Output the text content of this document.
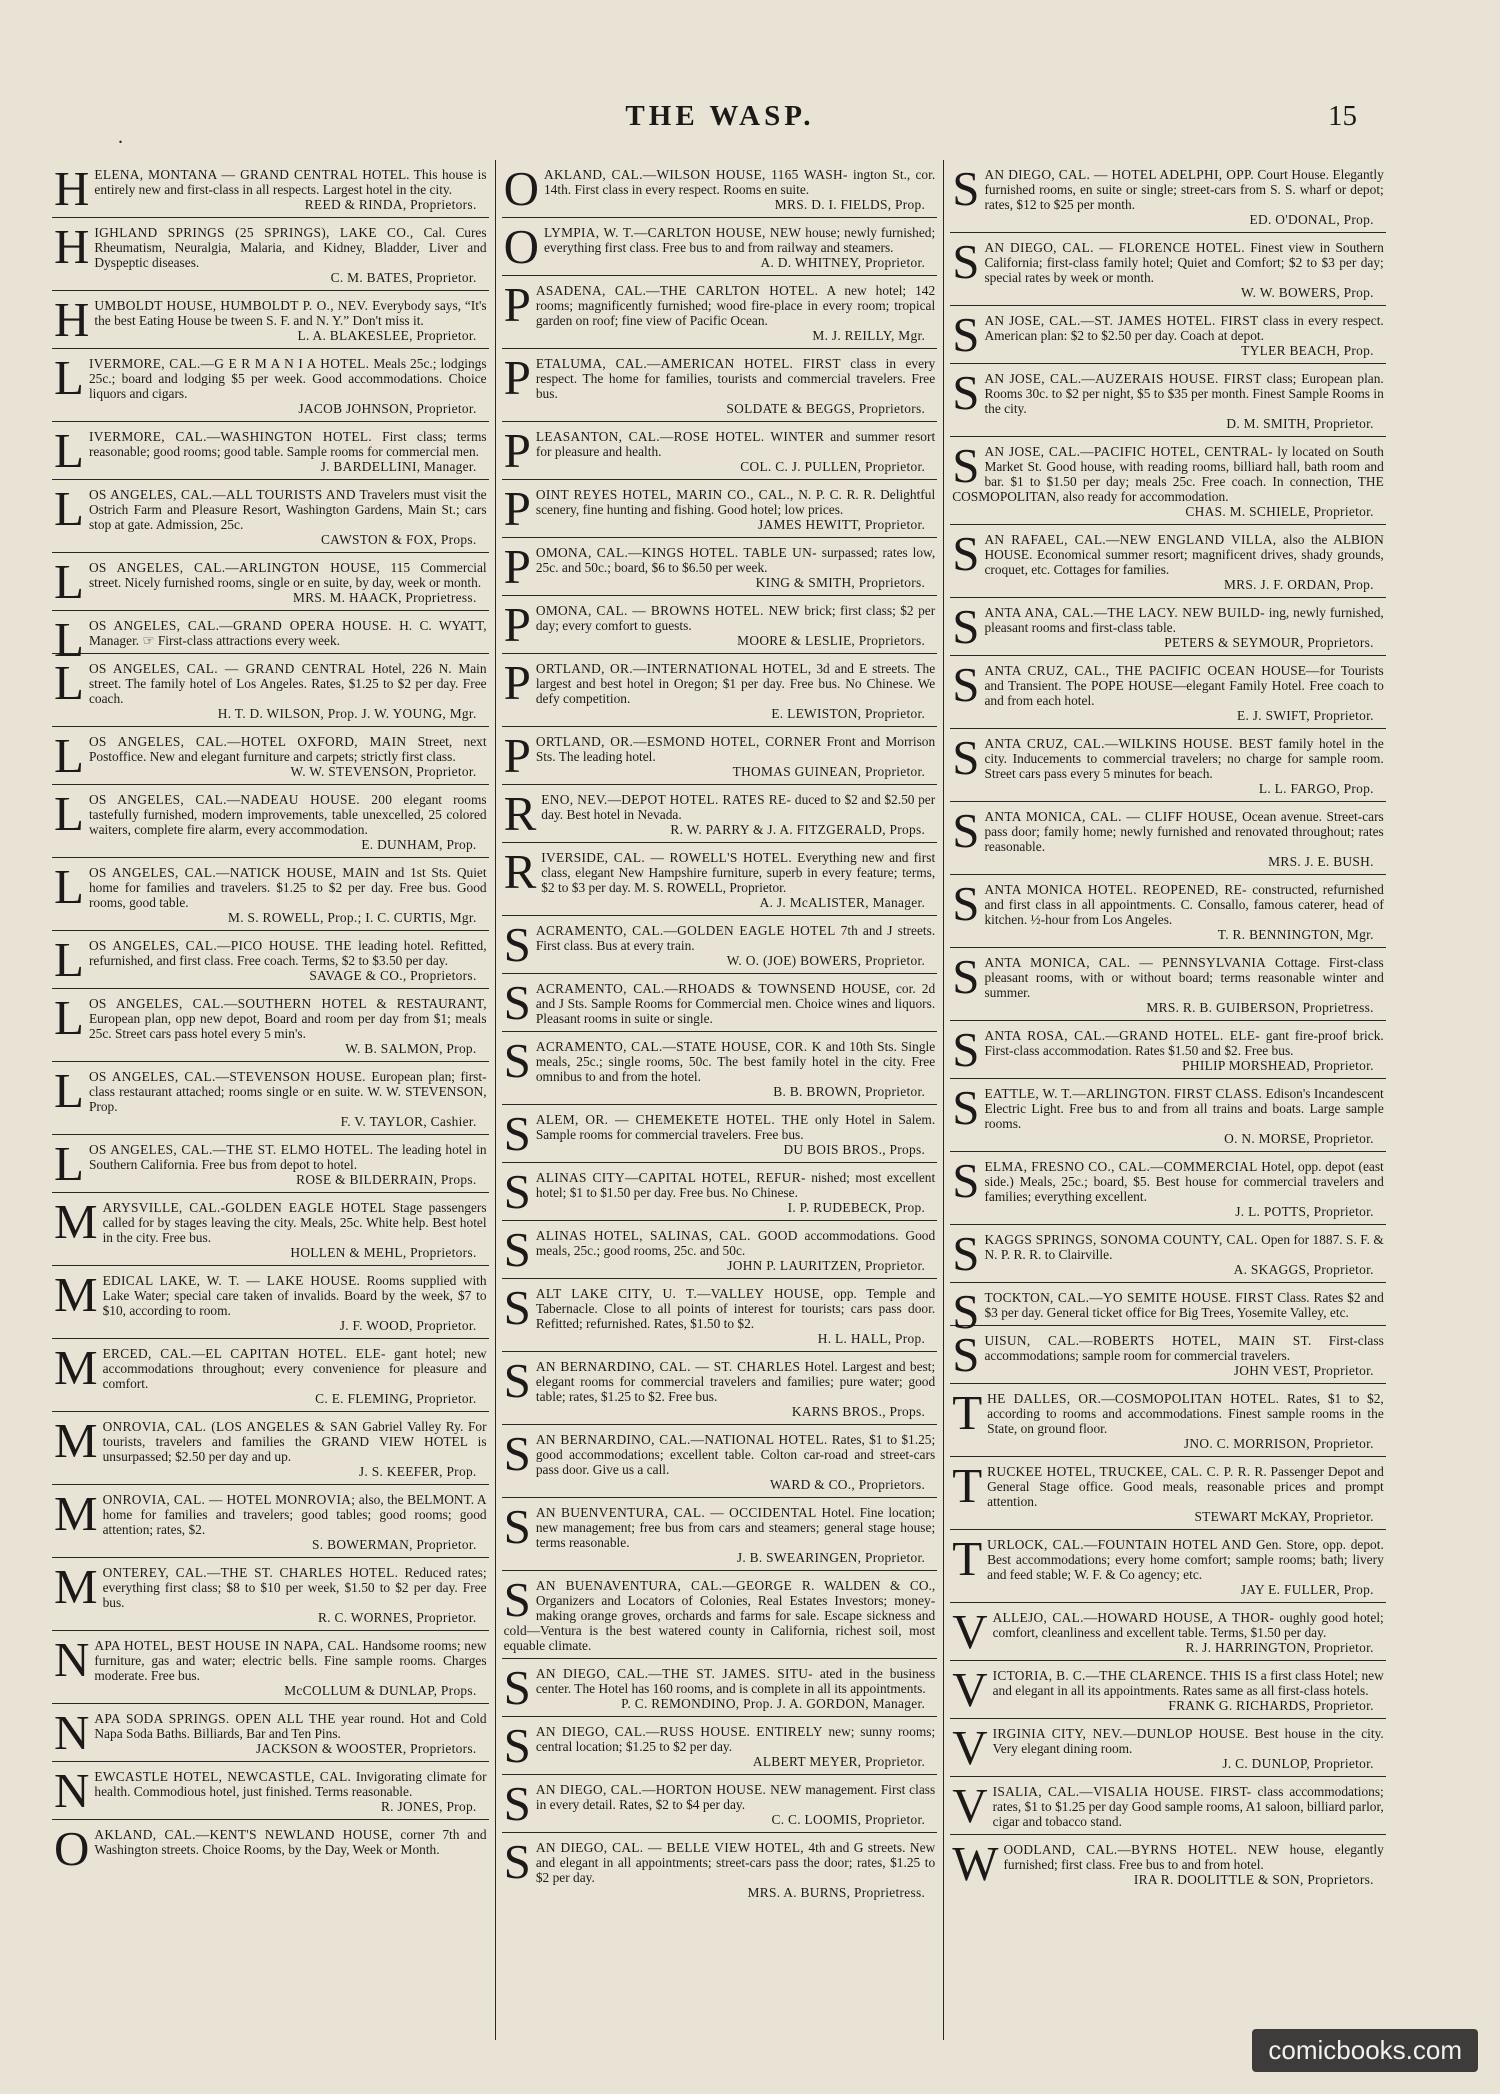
.
THE WASP.	15
HELENA, MONTANA — GRAND CENTRAL HOTEL. This house is entirely new and first-class in all respects. Largest hotel in the city.
REED & RINDA, Proprietors.
HIGHLAND SPRINGS (25 SPRINGS), LAKE CO., Cal. Cures Rheumatism, Neuralgia, Malaria, and Kidney, Bladder, Liver and Dyspeptic diseases.
C. M. BATES, Proprietor.
HUMBOLDT HOUSE, HUMBOLDT P. O., NEV. Everybody says, “It's the best Eating House be tween S. F. and N. Y.” Don't miss it.
L. A. BLAKESLEE, Proprietor.
LIVERMORE, CAL.—G E R M A N I A HOTEL. Meals 25c.; lodgings 25c.; board and lodging $5 per week. Good accommodations. Choice liquors and cigars.
JACOB JOHNSON, Proprietor.
LIVERMORE, CAL.—WASHINGTON HOTEL. First class; terms reasonable; good rooms; good table. Sample rooms for commercial men.
J. BARDELLINI, Manager.
LOS ANGELES, CAL.—ALL TOURISTS AND Travelers must visit the Ostrich Farm and Pleasure Resort, Washington Gardens, Main St.; cars stop at gate. Admission, 25c.
CAWSTON & FOX, Props.
LOS ANGELES, CAL.—ARLINGTON HOUSE, 115 Commercial street. Nicely furnished rooms, single or en suite, by day, week or month.
MRS. M. HAACK, Proprietress.
LOS ANGELES, CAL.—GRAND OPERA HOUSE. H. C. WYATT, Manager. ☞ First-class attractions every week.
LOS ANGELES, CAL. — GRAND CENTRAL Hotel, 226 N. Main street. The family hotel of Los Angeles. Rates, $1.25 to $2 per day. Free coach.
H. T. D. WILSON, Prop. J. W. YOUNG, Mgr.
LOS ANGELES, CAL.—HOTEL OXFORD, MAIN Street, next Postoffice. New and elegant furniture and carpets; strictly first class.
W. W. STEVENSON, Proprietor.
LOS ANGELES, CAL.—NADEAU HOUSE. 200 elegant rooms tastefully furnished, modern improvements, table unexcelled, 25 colored waiters, complete fire alarm, every accommodation.
E. DUNHAM, Prop.
LOS ANGELES, CAL.—NATICK HOUSE, MAIN and 1st Sts. Quiet home for families and travelers. $1.25 to $2 per day. Free bus. Good rooms, good table.
M. S. ROWELL, Prop.; I. C. CURTIS, Mgr.
LOS ANGELES, CAL.—PICO HOUSE. THE leading hotel. Refitted, refurnished, and first class. Free coach. Terms, $2 to $3.50 per day.
SAVAGE & CO., Proprietors.
LOS ANGELES, CAL.—SOUTHERN HOTEL & RESTAURANT, European plan, opp new depot, Board and room per day from $1; meals 25c. Street cars pass hotel every 5 min's.
W. B. SALMON, Prop.
LOS ANGELES, CAL.—STEVENSON HOUSE. European plan; first-class restaurant attached; rooms single or en suite. W. W. STEVENSON, Prop.
F. V. TAYLOR, Cashier.
LOS ANGELES, CAL.—THE ST. ELMO HOTEL. The leading hotel in Southern California. Free bus from depot to hotel.
ROSE & BILDERRAIN, Props.
MARYSVILLE, CAL.-GOLDEN EAGLE HOTEL Stage passengers called for by stages leaving the city. Meals, 25c. White help. Best hotel in the city. Free bus.
HOLLEN & MEHL, Proprietors.
MEDICAL LAKE, W. T. — LAKE HOUSE. Rooms supplied with Lake Water; special care taken of invalids. Board by the week, $7 to $10, according to room.
J. F. WOOD, Proprietor.
MERCED, CAL.—EL CAPITAN HOTEL. ELE- gant hotel; new accommodations throughout; every convenience for pleasure and comfort.
C. E. FLEMING, Proprietor.
MONROVIA, CAL. (LOS ANGELES & SAN Gabriel Valley Ry. For tourists, travelers and families the GRAND VIEW HOTEL is unsurpassed; $2.50 per day and up.
J. S. KEEFER, Prop.
MONROVIA, CAL. — HOTEL MONROVIA; also, the BELMONT. A home for families and travelers; good tables; good rooms; good attention; rates, $2.
S. BOWERMAN, Proprietor.
MONTEREY, CAL.—THE ST. CHARLES HOTEL. Reduced rates; everything first class; $8 to $10 per week, $1.50 to $2 per day. Free bus.
R. C. WORNES, Proprietor.
NAPA HOTEL, BEST HOUSE IN NAPA, CAL. Handsome rooms; new furniture, gas and water; electric bells. Fine sample rooms. Charges moderate. Free bus.
McCOLLUM & DUNLAP, Props.
NAPA SODA SPRINGS. OPEN ALL THE year round. Hot and Cold Napa Soda Baths. Billiards, Bar and Ten Pins.
JACKSON & WOOSTER, Proprietors.
NEWCASTLE HOTEL, NEWCASTLE, CAL. Invigorating climate for health. Commodious hotel, just finished. Terms reasonable.
R. JONES, Prop.
OAKLAND, CAL.—KENT'S NEWLAND HOUSE, corner 7th and Washington streets. Choice Rooms, by the Day, Week or Month.
OAKLAND, CAL.—WILSON HOUSE, 1165 WASH- ington St., cor. 14th. First class in every respect. Rooms en suite.
MRS. D. I. FIELDS, Prop.
OLYMPIA, W. T.—CARLTON HOUSE, NEW house; newly furnished; everything first class. Free bus to and from railway and steamers.
A. D. WHITNEY, Proprietor.
PASADENA, CAL.—THE CARLTON HOTEL. A new hotel; 142 rooms; magnificently furnished; wood fire-place in every room; tropical garden on roof; fine view of Pacific Ocean.
M. J. REILLY, Mgr.
PETALUMA, CAL.—AMERICAN HOTEL. FIRST class in every respect. The home for families, tourists and commercial travelers. Free bus.
SOLDATE & BEGGS, Proprietors.
PLEASANTON, CAL.—ROSE HOTEL. WINTER and summer resort for pleasure and health.
COL. C. J. PULLEN, Proprietor.
POINT REYES HOTEL, MARIN CO., CAL., N. P. C. R. R. Delightful scenery, fine hunting and fishing. Good hotel; low prices.
JAMES HEWITT, Proprietor.
POMONA, CAL.—KINGS HOTEL. TABLE UN- surpassed; rates low, 25c. and 50c.; board, $6 to $6.50 per week.
KING & SMITH, Proprietors.
POMONA, CAL. — BROWNS HOTEL. NEW brick; first class; $2 per day; every comfort to guests.
MOORE & LESLIE, Proprietors.
PORTLAND, OR.—INTERNATIONAL HOTEL, 3d and E streets. The largest and best hotel in Oregon; $1 per day. Free bus. No Chinese. We defy competition.
E. LEWISTON, Proprietor.
PORTLAND, OR.—ESMOND HOTEL, CORNER Front and Morrison Sts. The leading hotel.
THOMAS GUINEAN, Proprietor.
RENO, NEV.—DEPOT HOTEL. RATES RE- duced to $2 and $2.50 per day. Best hotel in Nevada.
R. W. PARRY & J. A. FITZGERALD, Props.
RIVERSIDE, CAL. — ROWELL'S HOTEL. Everything new and first class, elegant New Hampshire furniture, superb in every feature; terms, $2 to $3 per day. M. S. ROWELL, Proprietor.
A. J. McALISTER, Manager.
SACRAMENTO, CAL.—GOLDEN EAGLE HOTEL 7th and J streets. First class. Bus at every train.
W. O. (JOE) BOWERS, Proprietor.
SACRAMENTO, CAL.—RHOADS & TOWNSEND HOUSE, cor. 2d and J Sts. Sample Rooms for Commercial men. Choice wines and liquors. Pleasant rooms in suite or single.
SACRAMENTO, CAL.—STATE HOUSE, COR. K and 10th Sts. Single meals, 25c.; single rooms, 50c. The best family hotel in the city. Free omnibus to and from the hotel.
B. B. BROWN, Proprietor.
SALEM, OR. — CHEMEKETE HOTEL. THE only Hotel in Salem. Sample rooms for commercial travelers. Free bus.
DU BOIS BROS., Props.
SALINAS CITY—CAPITAL HOTEL, REFUR- nished; most excellent hotel; $1 to $1.50 per day. Free bus. No Chinese.
I. P. RUDEBECK, Prop.
SALINAS HOTEL, SALINAS, CAL. GOOD accommodations. Good meals, 25c.; good rooms, 25c. and 50c.
JOHN P. LAURITZEN, Proprietor.
SALT LAKE CITY, U. T.—VALLEY HOUSE, opp. Temple and Tabernacle. Close to all points of interest for tourists; cars pass door. Refitted; refurnished. Rates, $1.50 to $2.
H. L. HALL, Prop.
SAN BERNARDINO, CAL. — ST. CHARLES Hotel. Largest and best; elegant rooms for commercial travelers and families; pure water; good table; rates, $1.25 to $2. Free bus.
KARNS BROS., Props.
SAN BERNARDINO, CAL.—NATIONAL HOTEL. Rates, $1 to $1.25; good accommodations; excellent table. Colton car-road and street-cars pass door. Give us a call.
WARD & CO., Proprietors.
SAN BUENVENTURA, CAL. — OCCIDENTAL Hotel. Fine location; new management; free bus from cars and steamers; general stage house; terms reasonable.
J. B. SWEARINGEN, Proprietor.
SAN BUENAVENTURA, CAL.—GEORGE R. WALDEN & CO., Organizers and Locators of Colonies, Real Estates Investors; money-making orange groves, orchards and farms for sale. Escape sickness and cold—Ventura is the best watered county in California, richest soil, most equable climate.
SAN DIEGO, CAL.—THE ST. JAMES. SITU- ated in the business center. The Hotel has 160 rooms, and is complete in all its appointments.
P. C. REMONDINO, Prop. J. A. GORDON, Manager.
SAN DIEGO, CAL.—RUSS HOUSE. ENTIRELY new; sunny rooms; central location; $1.25 to $2 per day.
ALBERT MEYER, Proprietor.
SAN DIEGO, CAL.—HORTON HOUSE. NEW management. First class in every detail. Rates, $2 to $4 per day.
C. C. LOOMIS, Proprietor.
SAN DIEGO, CAL. — BELLE VIEW HOTEL, 4th and G streets. New and elegant in all appointments; street-cars pass the door; rates, $1.25 to $2 per day.
MRS. A. BURNS, Proprietress.
SAN DIEGO, CAL. — HOTEL ADELPHI, OPP. Court House. Elegantly furnished rooms, en suite or single; street-cars from S. S. wharf or depot; rates, $12 to $25 per month.
ED. O'DONAL, Prop.
SAN DIEGO, CAL. — FLORENCE HOTEL. Finest view in Southern California; first-class family hotel; Quiet and Comfort; $2 to $3 per day; special rates by week or month.
W. W. BOWERS, Prop.
SAN JOSE, CAL.—ST. JAMES HOTEL. FIRST class in every respect. American plan: $2 to $2.50 per day. Coach at depot.
TYLER BEACH, Prop.
SAN JOSE, CAL.—AUZERAIS HOUSE. FIRST class; European plan. Rooms 30c. to $2 per night, $5 to $35 per month. Finest Sample Rooms in the city.
D. M. SMITH, Proprietor.
SAN JOSE, CAL.—PACIFIC HOTEL, CENTRAL- ly located on South Market St. Good house, with reading rooms, billiard hall, bath room and bar. $1 to $1.50 per day; meals 25c. Free coach. In connection, THE COSMOPOLITAN, also ready for accommodation.
CHAS. M. SCHIELE, Proprietor.
SAN RAFAEL, CAL.—NEW ENGLAND VILLA, also the ALBION HOUSE. Economical summer resort; magnificent drives, shady grounds, croquet, etc. Cottages for families.
MRS. J. F. ORDAN, Prop.
SANTA ANA, CAL.—THE LACY. NEW BUILD- ing, newly furnished, pleasant rooms and first-class table.
PETERS & SEYMOUR, Proprietors.
SANTA CRUZ, CAL., THE PACIFIC OCEAN HOUSE—for Tourists and Transient. The POPE HOUSE—elegant Family Hotel. Free coach to and from each hotel.
E. J. SWIFT, Proprietor.
SANTA CRUZ, CAL.—WILKINS HOUSE. BEST family hotel in the city. Inducements to commercial travelers; no charge for sample room. Street cars pass every 5 minutes for beach.
L. L. FARGO, Prop.
SANTA MONICA, CAL. — CLIFF HOUSE, Ocean avenue. Street-cars pass door; family home; newly furnished and renovated throughout; rates reasonable.
MRS. J. E. BUSH.
SANTA MONICA HOTEL. REOPENED, RE- constructed, refurnished and first class in all appointments. C. Consallo, famous caterer, head of kitchen. ½-hour from Los Angeles.
T. R. BENNINGTON, Mgr.
SANTA MONICA, CAL. — PENNSYLVANIA Cottage. First-class pleasant rooms, with or without board; terms reasonable winter and summer.
MRS. R. B. GUIBERSON, Proprietress.
SANTA ROSA, CAL.—GRAND HOTEL. ELE- gant fire-proof brick. First-class accommodation. Rates $1.50 and $2. Free bus.
PHILIP MORSHEAD, Proprietor.
SEATTLE, W. T.—ARLINGTON. FIRST CLASS. Edison's Incandescent Electric Light. Free bus to and from all trains and boats. Large sample rooms.
O. N. MORSE, Proprietor.
SELMA, FRESNO CO., CAL.—COMMERCIAL Hotel, opp. depot (east side.) Meals, 25c.; board, $5. Best house for commercial travelers and families; everything excellent.
J. L. POTTS, Proprietor.
SKAGGS SPRINGS, SONOMA COUNTY, CAL. Open for 1887. S. F. & N. P. R. R. to Clairville.
A. SKAGGS, Proprietor.
STOCKTON, CAL.—YO SEMITE HOUSE. FIRST Class. Rates $2 and $3 per day. General ticket office for Big Trees, Yosemite Valley, etc.
SUISUN, CAL.—ROBERTS HOTEL, MAIN ST. First-class accommodations; sample room for commercial travelers.
JOHN VEST, Proprietor.
THE DALLES, OR.—COSMOPOLITAN HOTEL. Rates, $1 to $2, according to rooms and accommodations. Finest sample rooms in the State, on ground floor.
JNO. C. MORRISON, Proprietor.
TRUCKEE HOTEL, TRUCKEE, CAL. C. P. R. R. Passenger Depot and General Stage office. Good meals, reasonable prices and prompt attention.
STEWART McKAY, Proprietor.
TURLOCK, CAL.—FOUNTAIN HOTEL AND Gen. Store, opp. depot. Best accommodations; every home comfort; sample rooms; bath; livery and feed stable; W. F. & Co agency; etc.
JAY E. FULLER, Prop.
VALLEJO, CAL.—HOWARD HOUSE, A THOR- oughly good hotel; comfort, cleanliness and excellent table. Terms, $1.50 per day.
R. J. HARRINGTON, Proprietor.
VICTORIA, B. C.—THE CLARENCE. THIS IS a first class Hotel; new and elegant in all its appointments. Rates same as all first-class hotels.
FRANK G. RICHARDS, Proprietor.
VIRGINIA CITY, NEV.—DUNLOP HOUSE. Best house in the city. Very elegant dining room.
J. C. DUNLOP, Proprietor.
VISALIA, CAL.—VISALIA HOUSE. FIRST- class accommodations; rates, $1 to $1.25 per day Good sample rooms, A1 saloon, billiard parlor, cigar and tobacco stand.
WOODLAND, CAL.—BYRNS HOTEL. NEW house, elegantly furnished; first class. Free bus to and from hotel.
IRA R. DOOLITTLE & SON, Proprietors.
comicbooks.com
